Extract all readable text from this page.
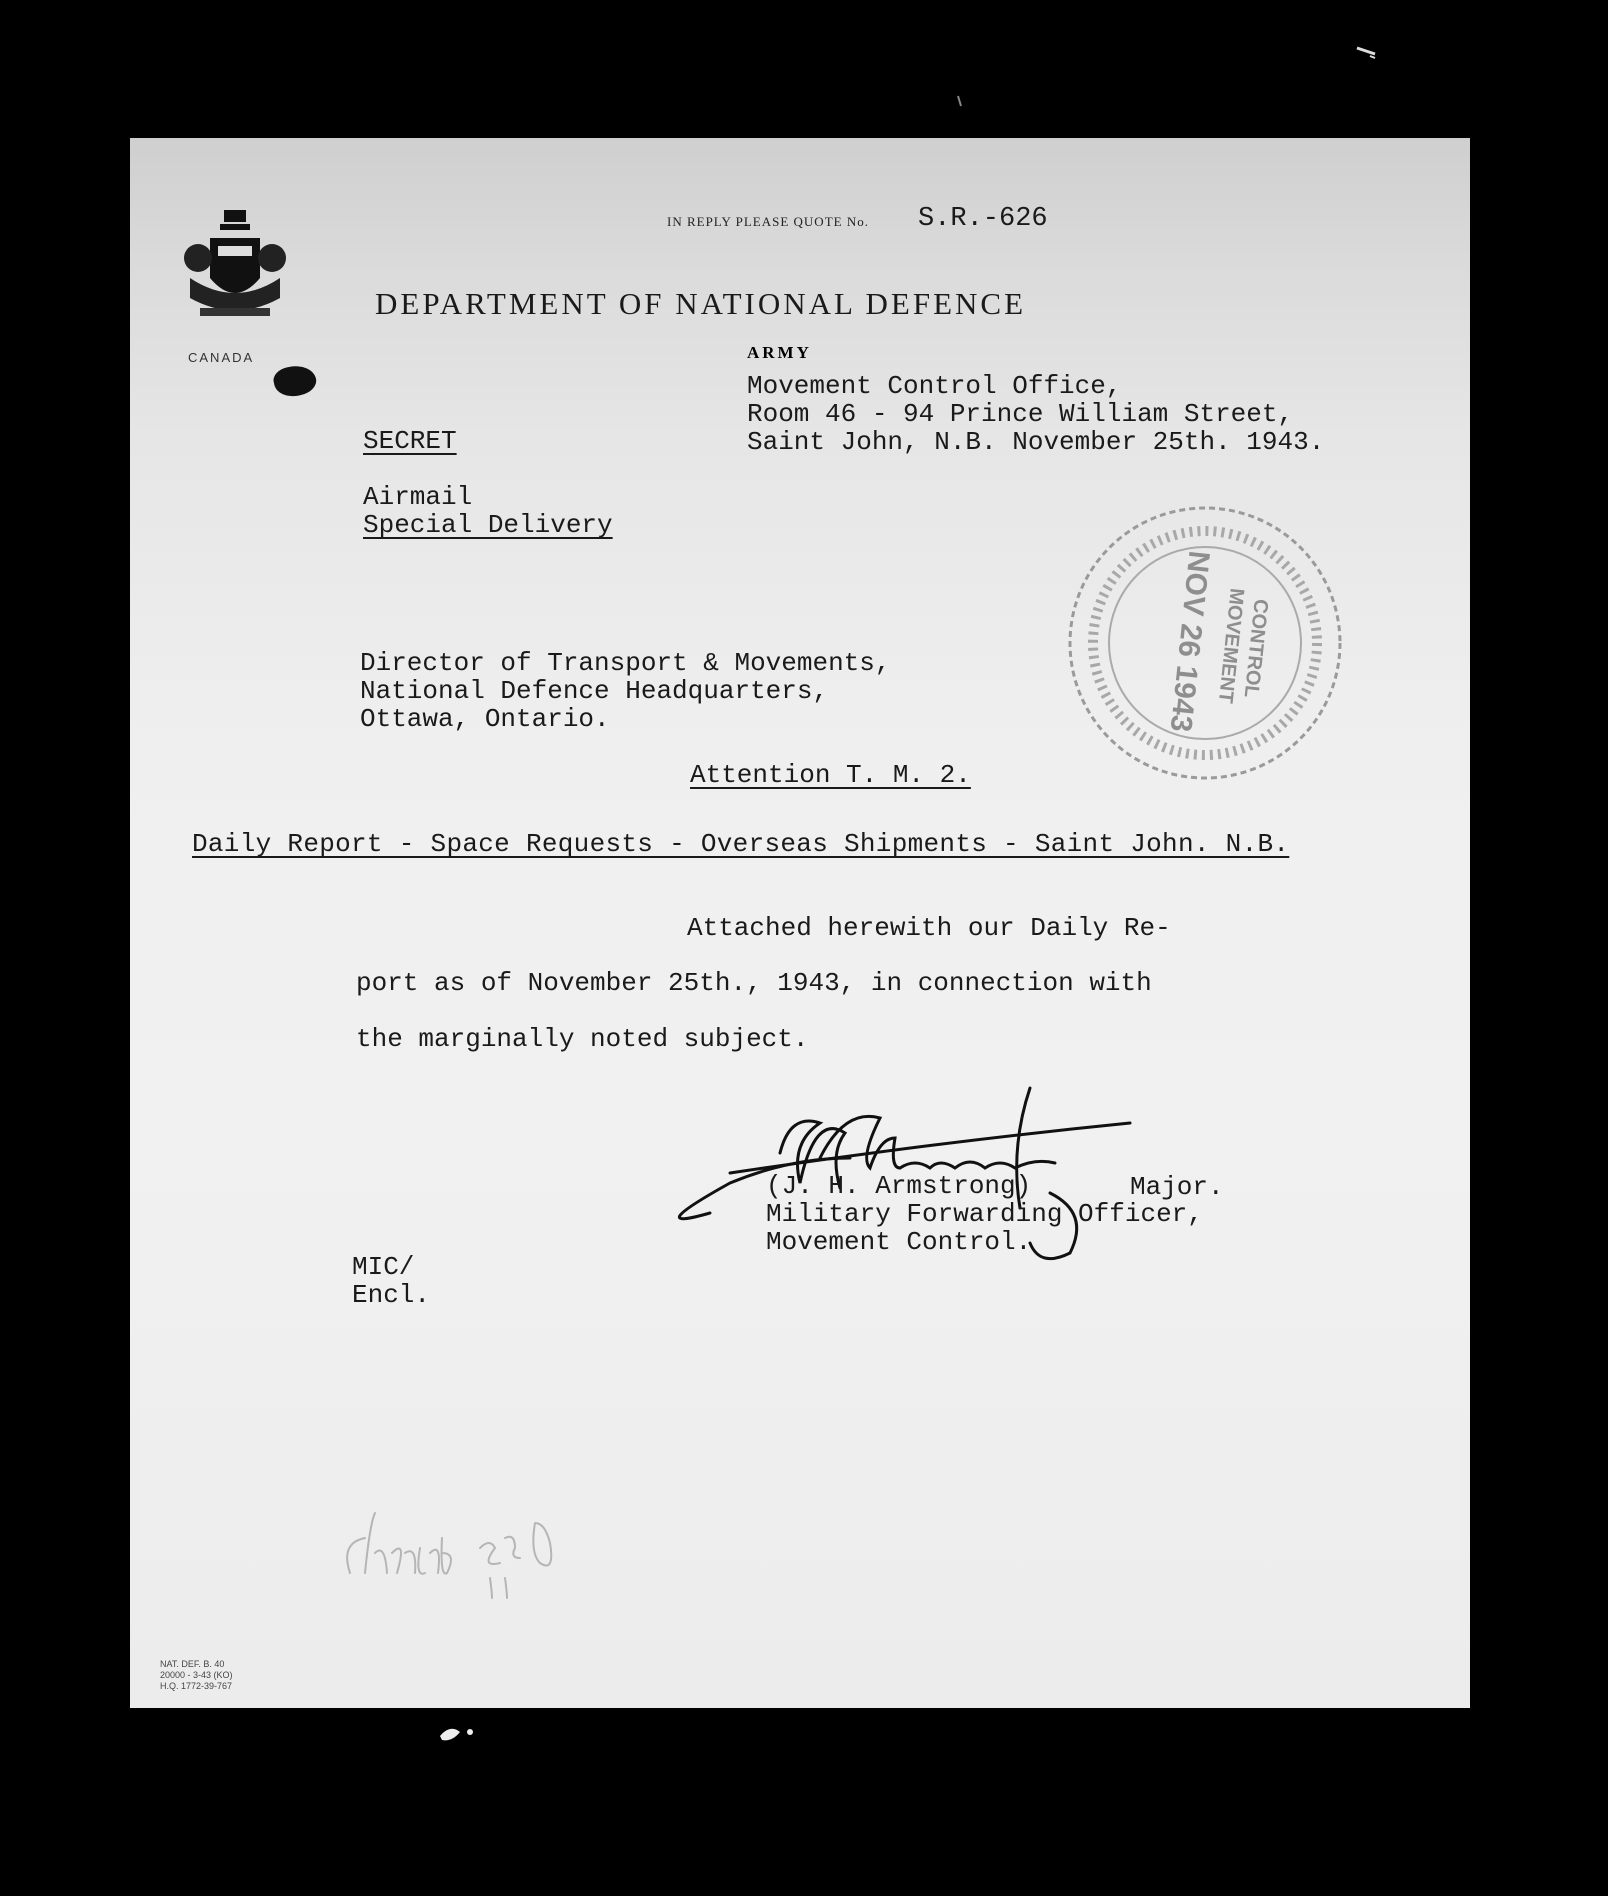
CANADA
IN REPLY PLEASE QUOTE No. S.R.-626
DEPARTMENT OF NATIONAL DEFENCE
ARMY
Movement Control Office,
Room 46 - 94 Prince William Street,
Saint John, N.B. November 25th. 1943.
SECRET
Airmail
Special Delivery
CONTROL
MOVEMENT
NOV 26 1943
Director of Transport & Movements,
National Defence Headquarters,
Ottawa, Ontario.
Attention T. M. 2.
Daily Report - Space Requests - Overseas Shipments - Saint John. N.B.
Attached herewith our Daily Re-
port as of November 25th., 1943, in connection with
the marginally noted subject.
(J. H. Armstrong)
Military Forwarding Officer,
Movement Control.
Major.
MIC/
Encl.
NAT. DEF. B. 40
20000 - 3-43 (KO)
H.Q. 1772-39-767
